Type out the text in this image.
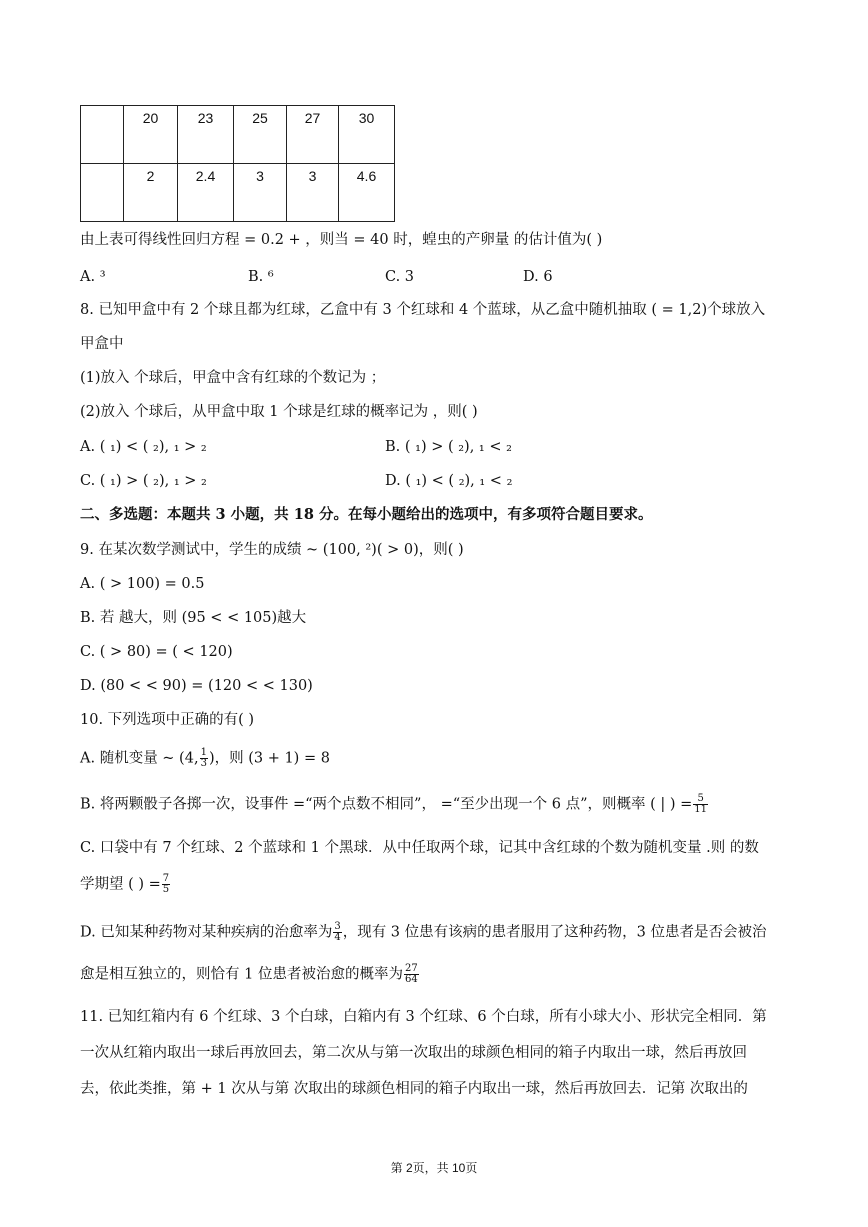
	20	23	25	27	30
	2	2.4	3	3	4.6
由上表可得线性回归方程 = 0.2 + ，则当 = 40 时，蝗虫的产卵量 的估计值为( )
A. ³	B. ⁶	C. 3	D. 6
8. 已知甲盒中有 2 个球且都为红球，乙盒中有 3 个红球和 4 个蓝球，从乙盒中随机抽取 ( = 1,2)个球放入
甲盒中
(1)放入 个球后，甲盒中含有红球的个数记为 ；
(2)放入 个球后，从甲盒中取 1 个球是红球的概率记为 ，则( )
A. ( ₁) < ( ₂), ₁ > ₂	B. ( ₁) > ( ₂), ₁ < ₂
C. ( ₁) > ( ₂), ₁ > ₂	D. ( ₁) < ( ₂), ₁ < ₂
二、多选题：本题共 3 小题，共 18 分。在每小题给出的选项中，有多项符合题目要求。
9. 在某次数学测试中，学生的成绩 ~ (100, ²)( > 0)，则( )
A. ( > 100) = 0.5
B. 若 越大，则 (95 < < 105)越大
C. ( > 80) = ( < 120)
D. (80 < < 90) = (120 < < 130)
10. 下列选项中正确的有( )
A. 随机变量 ~ (4, $\frac{1}{3}$ )，则 (3 + 1) = 8
B. 将两颗骰子各掷一次，设事件 =“两个点数不相同”， =“至少出现一个 6 点”，则概率 ( | ) = $\frac{5}{11}$
C. 口袋中有 7 个红球、2 个蓝球和 1 个黑球．从中任取两个球，记其中含红球的个数为随机变量 .则 的数
学期望 ( ) = $\frac{7}{5}$
D. 已知某种药物对某种疾病的治愈率为 $\frac{3}{4}$ ，现有 3 位患有该病的患者服用了这种药物，3 位患者是否会被治
愈是相互独立的，则恰有 1 位患者被治愈的概率为 $\frac{27}{64}$
11. 已知红箱内有 6 个红球、3 个白球，白箱内有 3 个红球、6 个白球，所有小球大小、形状完全相同．第
一次从红箱内取出一球后再放回去，第二次从与第一次取出的球颜色相同的箱子内取出一球，然后再放回
去，依此类推，第 + 1 次从与第 次取出的球颜色相同的箱子内取出一球，然后再放回去．记第 次取出的
第 2页，共 10页
